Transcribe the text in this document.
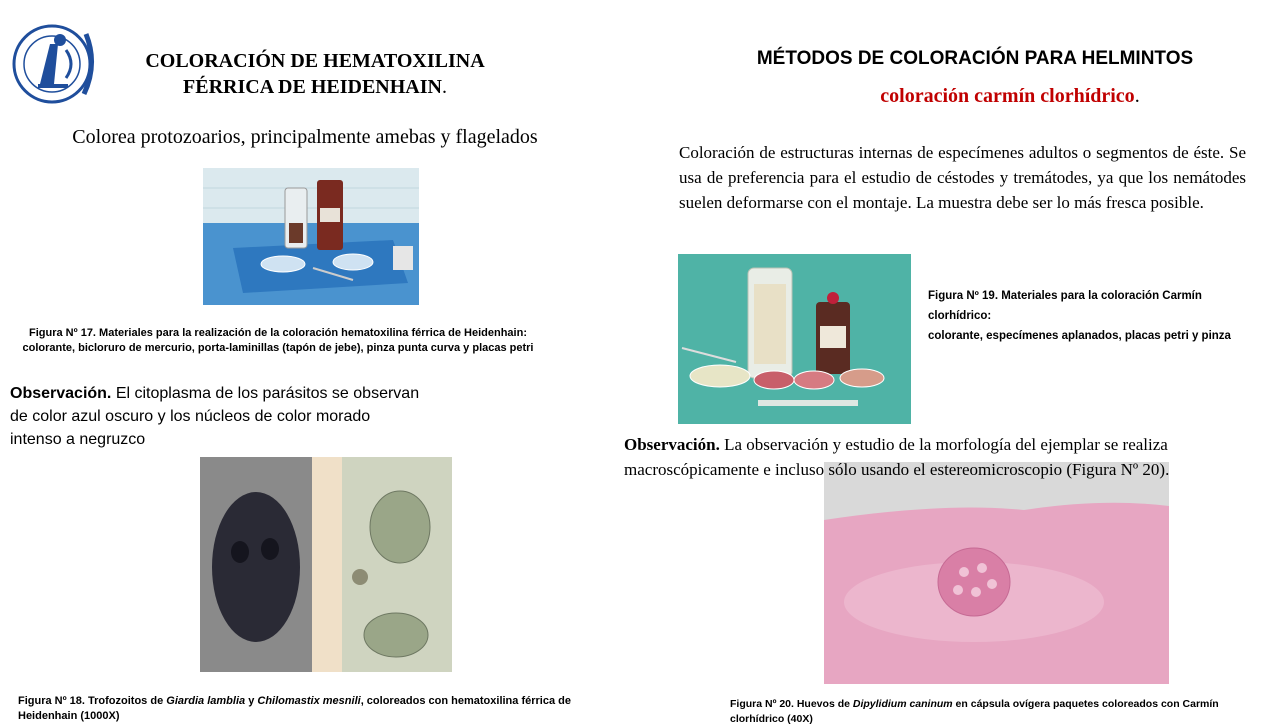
COLORACIÓN DE HEMATOXILINA
FÉRRICA DE HEIDENHAIN.
Colorea protozoarios, principalmente amebas y flagelados
Figura Nº 17. Materiales para la realización de la coloración hematoxilina férrica de Heidenhain: colorante, bicloruro de mercurio, porta-laminillas (tapón de jebe), pinza punta curva y placas petri
Observación. El citoplasma de los parásitos se observan de color azul oscuro y los núcleos de color morado intenso a negruzco
Figura Nº 18. Trofozoitos de Giardia lamblia y Chilomastix mesnili, coloreados con hematoxilina férrica de Heidenhain (1000X)
MÉTODOS DE COLORACIÓN PARA HELMINTOS
coloración carmín clorhídrico.
Coloración de estructuras internas de especímenes adultos o segmentos de éste. Se usa de preferencia para el estudio de céstodes y tremátodes, ya que los nemátodes suelen deformarse con el montaje. La muestra debe ser lo más fresca posible.
Figura Nº 19. Materiales para la coloración Carmín clorhídrico:
colorante, especímenes aplanados, placas petri y pinza
Observación. La observación y estudio de la morfología del ejemplar se realiza macroscópicamente e incluso sólo usando el estereomicroscopio (Figura Nº 20).
Figura Nº 20. Huevos de Dipylidium caninum en cápsula ovígera paquetes coloreados con Carmín clorhídrico (40X)
